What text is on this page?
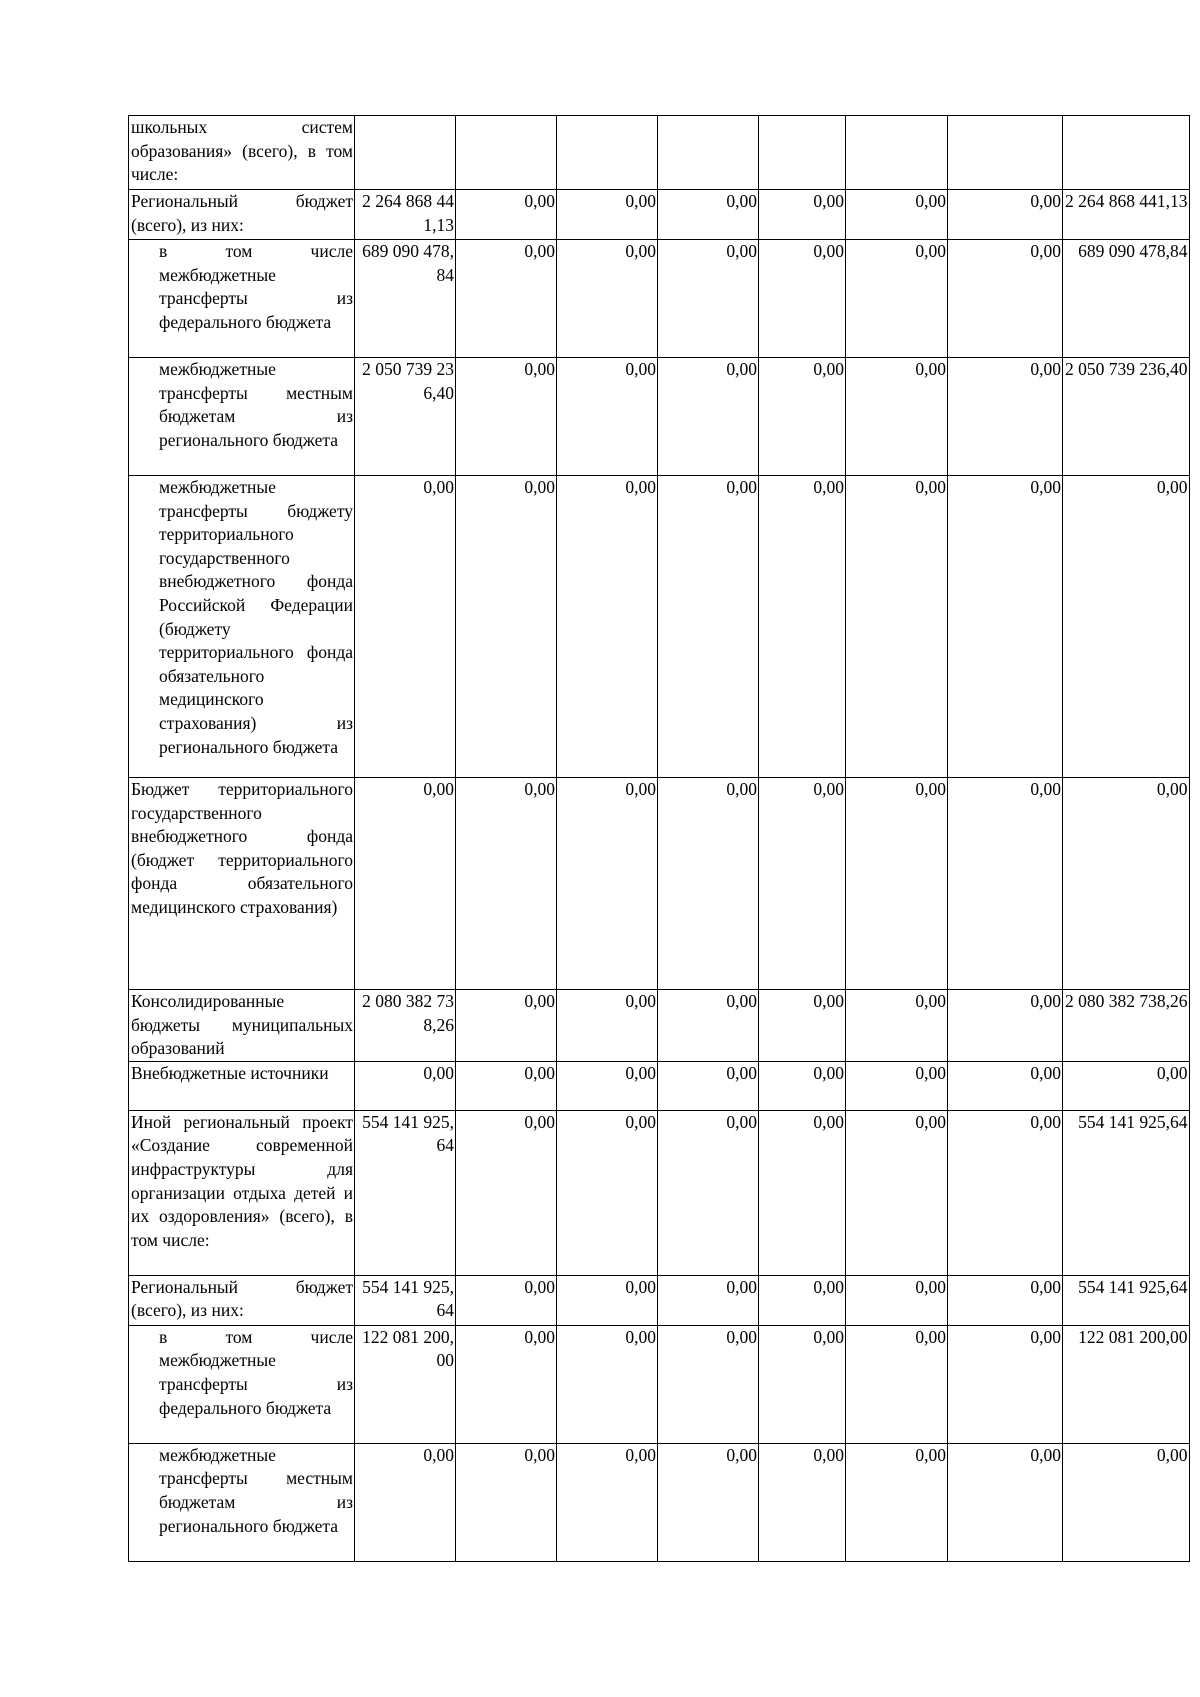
школьных систем образования» (всего), в том числе:								
Региональный бюджет (всего), из них:	2 264 868 441,13	0,00	0,00	0,00	0,00	0,00	0,00	2 264 868 441,13
в том числе межбюджетные трансферты из федерального бюджета	689 090 478,84	0,00	0,00	0,00	0,00	0,00	0,00	689 090 478,84
межбюджетные трансферты местным бюджетам из регионального бюджета	2 050 739 236,40	0,00	0,00	0,00	0,00	0,00	0,00	2 050 739 236,40
межбюджетные трансферты бюджету территориального государственного внебюджетного фонда Российской Федерации (бюджету территориального фонда обязательного медицинского страхования) из регионального бюджета	0,00	0,00	0,00	0,00	0,00	0,00	0,00	0,00
Бюджет территориального государственного внебюджетного фонда (бюджет территориального фонда обязательного медицинского страхования)	0,00	0,00	0,00	0,00	0,00	0,00	0,00	0,00
Консолидированные бюджеты муниципальных образований	2 080 382 738,26	0,00	0,00	0,00	0,00	0,00	0,00	2 080 382 738,26
Внебюджетные источники	0,00	0,00	0,00	0,00	0,00	0,00	0,00	0,00
Иной региональный проект «Создание современной инфраструктуры для организации отдыха детей и их оздоровления» (всего), в том числе:	554 141 925,64	0,00	0,00	0,00	0,00	0,00	0,00	554 141 925,64
Региональный бюджет (всего), из них:	554 141 925,64	0,00	0,00	0,00	0,00	0,00	0,00	554 141 925,64
в том числе межбюджетные трансферты из федерального бюджета	122 081 200,00	0,00	0,00	0,00	0,00	0,00	0,00	122 081 200,00
межбюджетные трансферты местным бюджетам из регионального бюджета	0,00	0,00	0,00	0,00	0,00	0,00	0,00	0,00
